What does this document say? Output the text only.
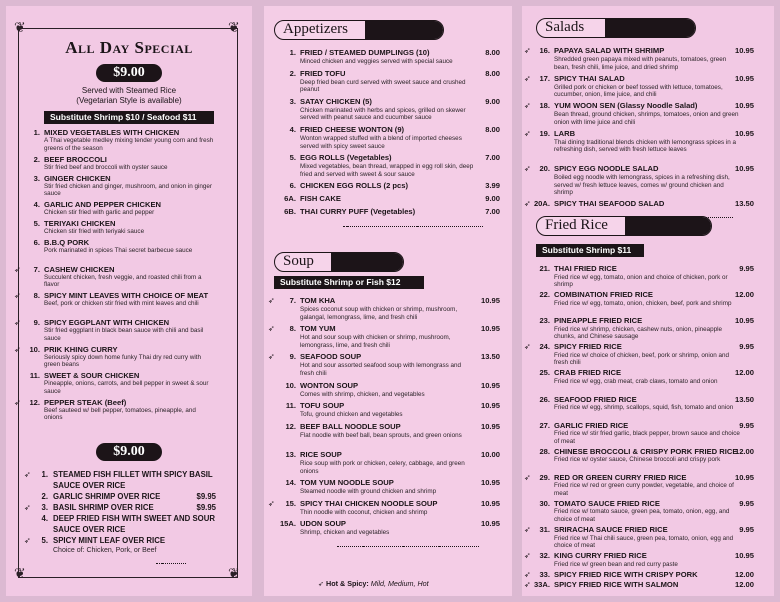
❦	❦
❦	❦
All Day Special
$9.00
Served with Steamed Rice
(Vegetarian Style is available)
Substitute Shrimp $10 / Seafood $11
1. MIXED VEGETABLES WITH CHICKEN
A Thai vegetable medley mixing tender young corn and fresh greens of the season
2. BEEF BROCCOLI
Stir fried beef and broccoli with oyster sauce
3. GINGER CHICKEN
Stir fried chicken and ginger, mushroom, and onion in ginger sauce
4. GARLIC AND PEPPER CHICKEN
Chicken stir fried with garlic and pepper
5. TERIYAKI CHICKEN
Chicken stir fried with teriyaki sauce
6. B.B.Q PORK
Pork marinated in spices Thai secret barbecue sauce
➶	7. CASHEW CHICKEN
Succulent chicken, fresh veggie, and roasted chili from a flavor
➶	8. SPICY MINT LEAVES WITH CHOICE OF MEAT
Beef, pork or chicken stir fried with mint leaves and chili
➶	9. SPICY EGGPLANT WITH CHICKEN
Stir fried eggplant in black bean sauce with chili and basil sauce
➶	10. PRIK KHING CURRY
Seriously spicy down home funky Thai dry red curry with green beans
11. SWEET & SOUR CHICKEN
Pineapple, onions, carrots, and bell pepper in sweet & sour sauce
➶	12. PEPPER STEAK (Beef)
Beef sauteed w/ bell pepper, tomatoes, pineapple, and onions
$9.00
➶	1. STEAMED FISH FILLET WITH SPICY BASIL
SAUCE OVER RICE
2. GARLIC SHRIMP OVER RICE	$9.95
➶	3. BASIL SHRIMP OVER RICE	$9.95
4. DEEP FRIED FISH WITH SWEET AND SOUR
SAUCE OVER RICE
➶	5. SPICY MINT LEAF OVER RICE
Choice of: Chicken, Pork, or Beef
Appetizers
1. FRIED / STEAMED DUMPLINGS (10)	8.00
Minced chicken and veggies served with special sauce
2. FRIED TOFU	8.00
Deep fried bean curd served with sweet sauce and crushed peanut
3. SATAY CHICKEN (5)	9.00
Chicken marinated with herbs and spices, grilled on skewer served with peanut sauce and cucumber sauce
4. FRIED CHEESE WONTON (9)	8.00
Wonton wrapped stuffed with a blend of imported cheeses served with spicy sweet sauce
5. EGG ROLLS (Vegetables)	7.00
Mixed vegetables, bean thread, wrapped in egg roll skin, deep fried and served with sweet & sour sauce
6. CHICKEN EGG ROLLS (2 pcs)	3.99
6A. FISH CAKE	9.00
6B. THAI CURRY PUFF (Vegetables)	7.00
Soup
Substitute Shrimp or Fish $12
➶	7. TOM KHA	10.95
Spices coconut soup with chicken or shrimp, mushroom, galangal, lemongrass, lime, and fresh chili
➶	8. TOM YUM	10.95
Hot and sour soup with chicken or shrimp, mushroom, lemongrass, lime, and fresh chili
➶	9. SEAFOOD SOUP	13.50
Hot and sour assorted seafood soup with lemongrass and fresh chili
10. WONTON SOUP	10.95
Comes with shrimp, chicken, and vegetables
11. TOFU SOUP	10.95
Tofu, ground chicken and vegetables
12. BEEF BALL NOODLE SOUP	10.95
Flat noodle with beef ball, bean sprouts, and green onions
13. RICE SOUP	10.00
Rice soup with pork or chicken, celery, cabbage, and green onions
14. TOM YUM NOODLE SOUP	10.95
Steamed noodle with ground chicken and shrimp
➶	15. SPICY THAI CHICKEN NOODLE SOUP	10.95
Thin noodle with coconut, chicken and shrimp
15A. UDON SOUP	10.95
Shrimp, chicken and vegetables
➶ Hot & Spicy: Mild, Medium, Hot
Salads
➶	16. PAPAYA SALAD WITH SHRIMP	10.95
Shredded green papaya mixed with peanuts, tomatoes, green bean, fresh chili, lime juice, and dried shrimp
➶	17. SPICY THAI SALAD	10.95
Grilled pork or chicken or beef tossed with lettuce, tomatoes, cucumber, onion, lime juice, and chili
➶	18. YUM WOON SEN (Glassy Noodle Salad)	10.95
Bean thread, ground chicken, shrimps, tomatoes, onion and green onion with lime juice and chili
➶	19. LARB	10.95
Thai dining traditional blends chicken with lemongrass spices in a refreshing dish, served with fresh lettuce leaves
➶	20. SPICY EGG NOODLE SALAD	10.95
Boiled egg noodle with lemongrass, spices in a refreshing dish, served w/ fresh lettuce leaves, comes w/ ground chicken and shrimp
➶ 20A. SPICY THAI SEAFOOD SALAD	13.50
Fried Rice
Substitute Shrimp $11
21. THAI FRIED RICE	9.95
Fried rice w/ egg, tomato, onion and choice of chicken, pork or shrimp
22. COMBINATION FRIED RICE	12.00
Fried rice w/ egg, tomato, onion, chicken, beef, pork and shrimp
23. PINEAPPLE FRIED RICE	10.95
Fried rice w/ shrimp, chicken, cashew nuts, onion, pineapple chunks, and Chinese sausage
➶	24. SPICY FRIED RICE	9.95
Fried rice w/ choice of chicken, beef, pork or shrimp, onion and fresh chili
25. CRAB FRIED RICE	12.00
Fried rice w/ egg, crab meat, crab claws, tomato and onion
26. SEAFOOD FRIED RICE	13.50
Fried rice w/ egg, shrimp, scallops, squid, fish, tomato and onion
27. GARLIC FRIED RICE	9.95
Fried rice w/ stir fried garlic, black pepper, brown sauce and choice of meat
28. CHINESE BROCCOLI & CRISPY PORK FRIED RICE
12.00
Fried rice w/ oyster sauce, Chinese broccoli and crispy pork
➶	29. RED OR GREEN CURRY FRIED RICE	10.95
Fried rice w/ red or green curry powder, vegetable, and choice of meat
30. TOMATO SAUCE FRIED RICE	9.95
Fried rice w/ tomato sauce, green pea, tomato, onion, egg, and choice of meat
➶	31. SRIRACHA SAUCE FRIED RICE	9.95
Fried rice w/ Thai chili sauce, green pea, tomato, onion, egg and choice of meat
➶	32. KING CURRY FRIED RICE	10.95
Fried rice w/ green bean and red curry paste
➶	33. SPICY FRIED RICE WITH CRISPY PORK	12.00
➶ 33A. SPICY FRIED RICE WITH SALMON	12.00
